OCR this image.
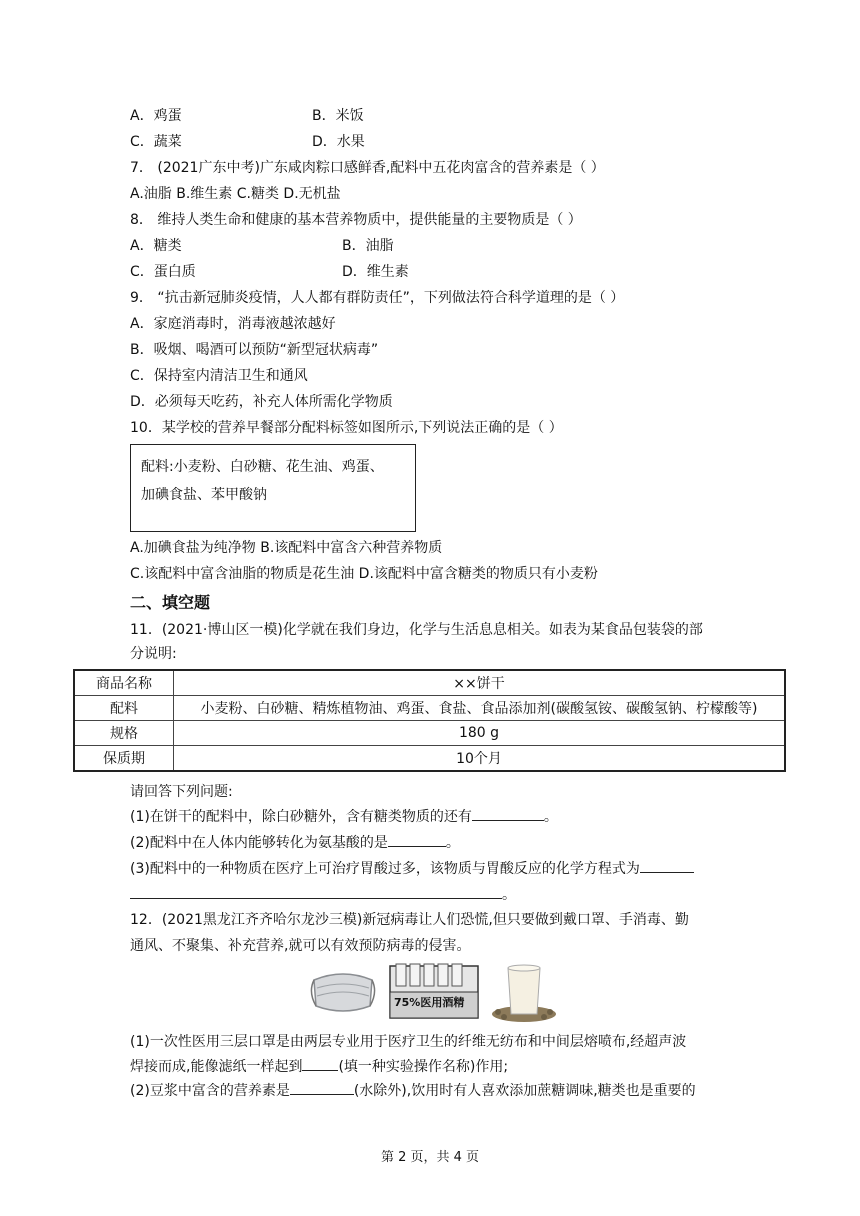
A．鸡蛋	B．米饭
C．蔬菜	D．水果
7． (2021广东中考)广东咸肉粽口感鲜香,配料中五花肉富含的营养素是（ ）
A.油脂 B.维生素 C.糖类 D.无机盐
8． 维持人类生命和健康的基本营养物质中，提供能量的主要物质是（ ）
A．糖类	B．油脂
C．蛋白质	D．维生素
9． “抗击新冠肺炎疫情，人人都有群防责任”，下列做法符合科学道理的是（ ）
A．家庭消毒时，消毒液越浓越好
B．吸烟、喝酒可以预防“新型冠状病毒”
C．保持室内清洁卫生和通风
D．必须每天吃药，补充人体所需化学物质
10．某学校的营养早餐部分配料标签如图所示,下列说法正确的是（ ）
配料:小麦粉、白砂糖、花生油、鸡蛋、
加碘食盐、苯甲酸钠
A.加碘食盐为纯净物 B.该配料中富含六种营养物质
C.该配料中富含油脂的物质是花生油 D.该配料中富含糖类的物质只有小麦粉
二、填空题
11．(2021·博山区一模)化学就在我们身边，化学与生活息息相关。如表为某食品包装袋的部
分说明:
商品名称	××饼干
配料	小麦粉、白砂糖、精炼植物油、鸡蛋、食盐、食品添加剂(碳酸氢铵、碳酸氢钠、柠檬酸等)
规格	180 g
保质期	10个月
请回答下列问题:
(1)在饼干的配料中，除白砂糖外，含有糖类物质的还有	。
(2)配料中在人体内能够转化为氨基酸的是	。
(3)配料中的一种物质在医疗上可治疗胃酸过多，该物质与胃酸反应的化学方程式为
。
12．(2021黑龙江齐齐哈尔龙沙三模)新冠病毒让人们恐慌,但只要做到戴口罩、手消毒、勤
通风、不聚集、补充营养,就可以有效预防病毒的侵害。
75%医用酒精
(1)一次性医用三层口罩是由两层专业用于医疗卫生的纤维无纺布和中间层熔喷布,经超声波
焊接而成,能像滤纸一样起到	(填一种实验操作名称)作用;
(2)豆浆中富含的营养素是	(水除外),饮用时有人喜欢添加蔗糖调味,糖类也是重要的
第 2 页，共 4 页
